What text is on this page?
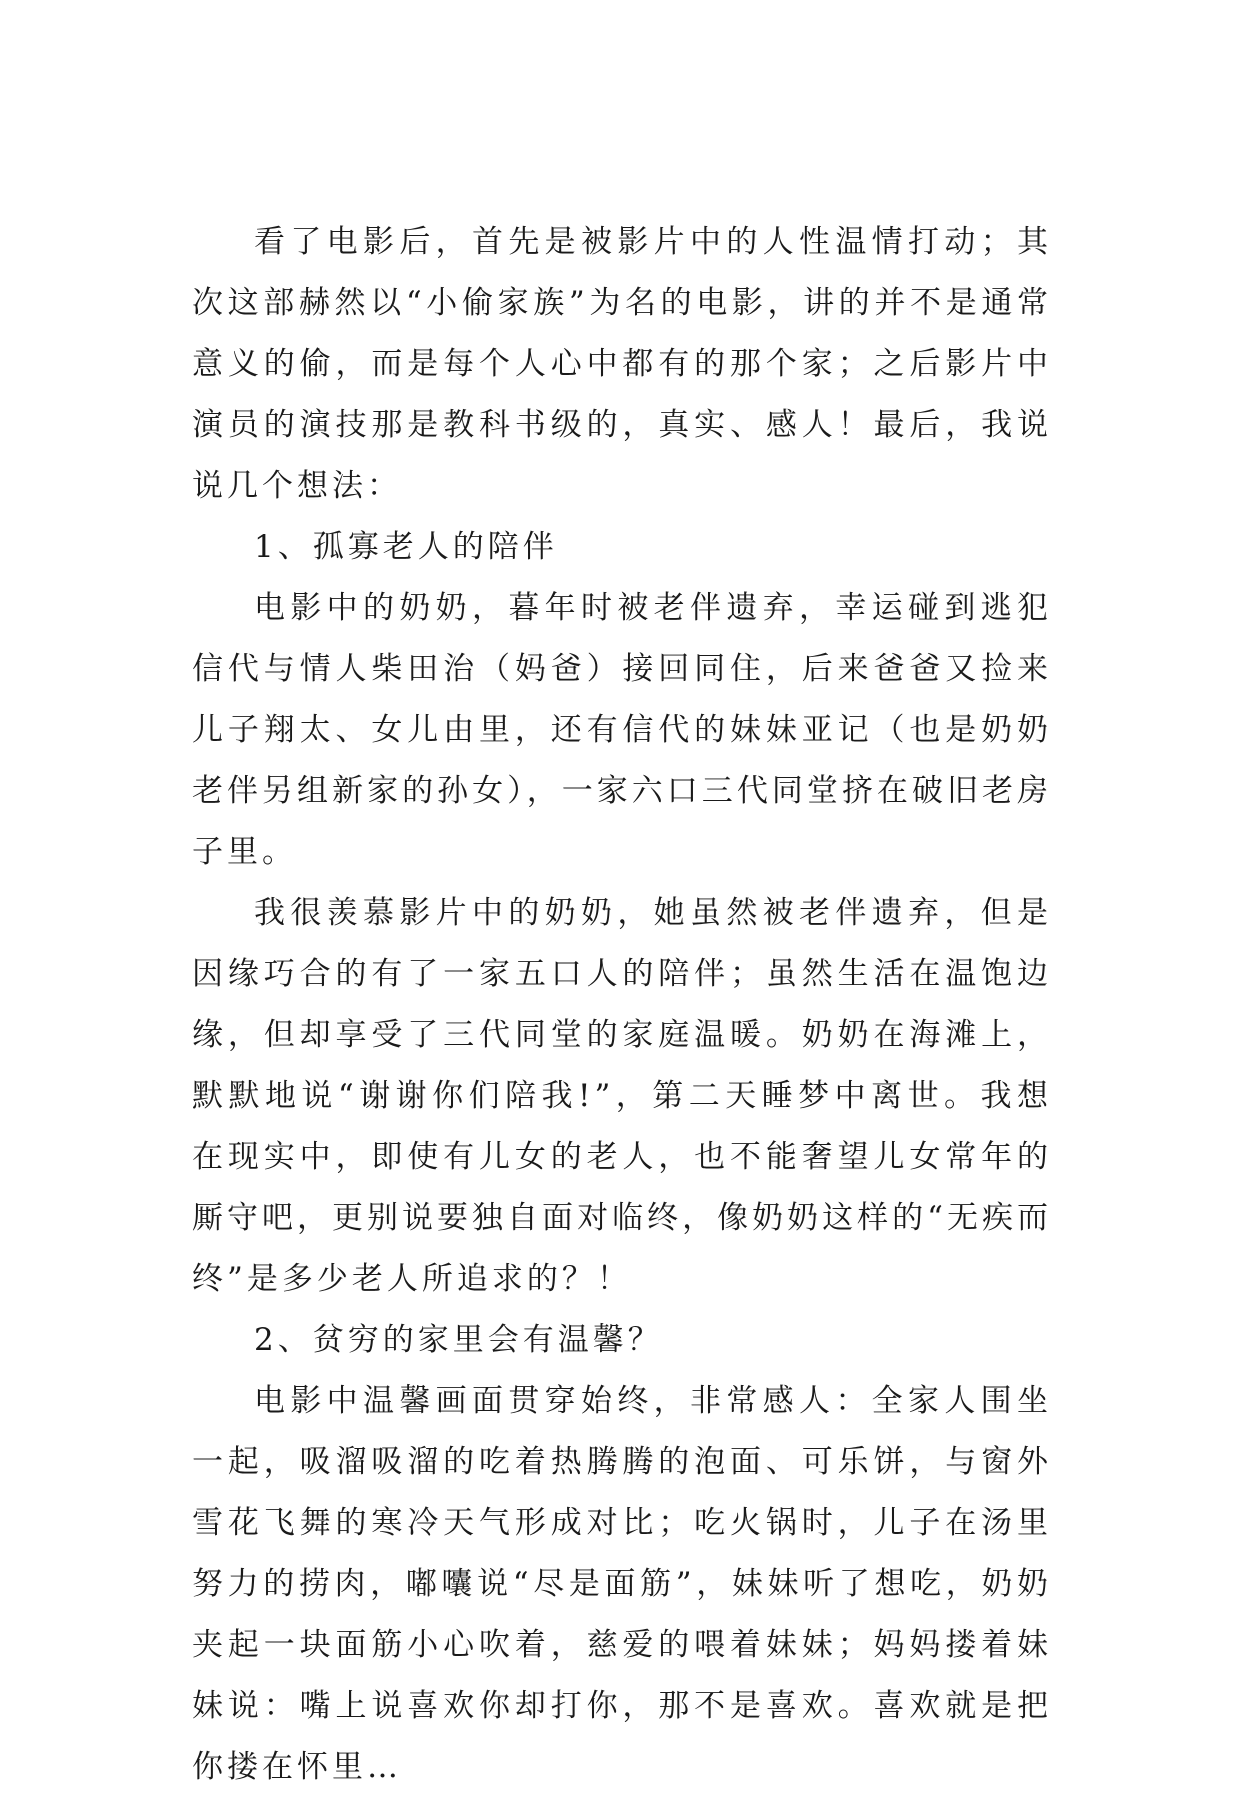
看了电影后，首先是被影片中的人性温情打动；其次这部赫然以“小偷家族”为名的电影，讲的并不是通常意义的偷，而是每个人心中都有的那个家；之后影片中演员的演技那是教科书级的，真实、感人！最后，我说说几个想法：

1、孤寡老人的陪伴

电影中的奶奶，暮年时被老伴遗弃，幸运碰到逃犯信代与情人柴田治（妈爸）接回同住，后来爸爸又捡来儿子翔太、女儿由里，还有信代的妹妹亚记（也是奶奶老伴另组新家的孙女），一家六口三代同堂挤在破旧老房子里。

我很羡慕影片中的奶奶，她虽然被老伴遗弃，但是因缘巧合的有了一家五口人的陪伴；虽然生活在温饱边缘，但却享受了三代同堂的家庭温暖。奶奶在海滩上，默默地说“谢谢你们陪我!”，第二天睡梦中离世。我想在现实中，即使有儿女的老人，也不能奢望儿女常年的厮守吧，更别说要独自面对临终，像奶奶这样的“无疾而终”是多少老人所追求的？！

2、贫穷的家里会有温馨？

电影中温馨画面贯穿始终，非常感人：全家人围坐一起，吸溜吸溜的吃着热腾腾的泡面、可乐饼，与窗外雪花飞舞的寒冷天气形成对比；吃火锅时，儿子在汤里努力的捞肉，嘟囔说“尽是面筋”，妹妹听了想吃，奶奶夹起一块面筋小心吹着，慈爱的喂着妹妹；妈妈搂着妹妹说：嘴上说喜欢你却打你，那不是喜欢。喜欢就是把你搂在怀里…
